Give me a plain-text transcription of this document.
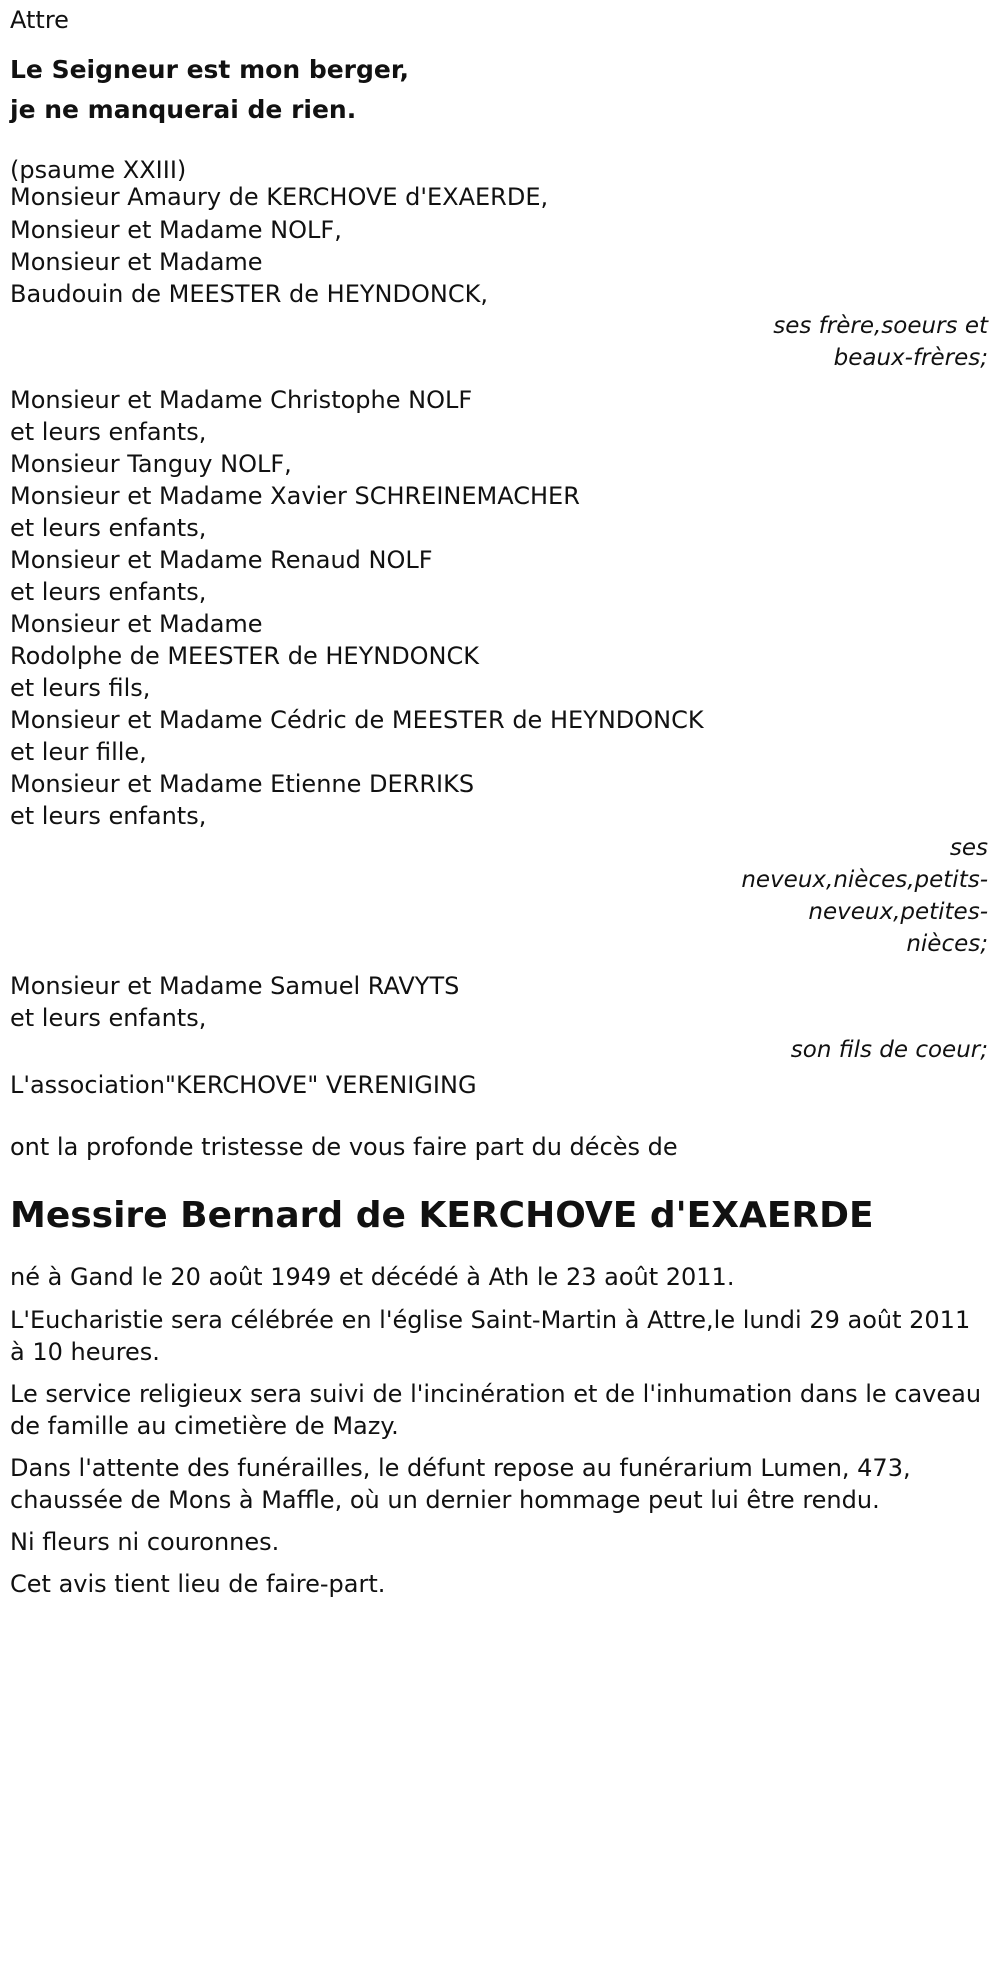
Attre

Le Seigneur est mon berger,

je ne manquerai de rien.

(psaume XXIII)

Monsieur Amaury de KERCHOVE d'EXAERDE,

Monsieur et Madame NOLF,

Monsieur et Madame

Baudouin de MEESTER de HEYNDONCK,

ses frère,soeurs et

beaux-frères;

Monsieur et Madame Christophe NOLF

et leurs enfants,

Monsieur Tanguy NOLF,

Monsieur et Madame Xavier SCHREINEMACHER

et leurs enfants,

Monsieur et Madame Renaud NOLF

et leurs enfants,

Monsieur et Madame

Rodolphe de MEESTER de HEYNDONCK

et leurs fils,

Monsieur et Madame Cédric de MEESTER de HEYNDONCK

et leur fille,

Monsieur et Madame Etienne DERRIKS

et leurs enfants,

ses

neveux,nièces,petits-

neveux,petites-

nièces;

Monsieur et Madame Samuel RAVYTS

et leurs enfants,

son fils de coeur;

L'association"KERCHOVE" VERENIGING

ont la profonde tristesse de vous faire part du décès de

Messire Bernard de KERCHOVE d'EXAERDE

né à Gand le 20 août 1949 et décédé à Ath le 23 août 2011.

L'Eucharistie sera célébrée en l'église Saint-Martin à Attre,le lundi 29 août 2011 à 10 heures.

Le service religieux sera suivi de l'incinération et de l'inhumation dans le caveau de famille au cimetière de Mazy.

Dans l'attente des funérailles, le défunt repose au funérarium Lumen, 473, chaussée de Mons à Maffle, où un dernier hommage peut lui être rendu.

Ni fleurs ni couronnes.

Cet avis tient lieu de faire-part.
